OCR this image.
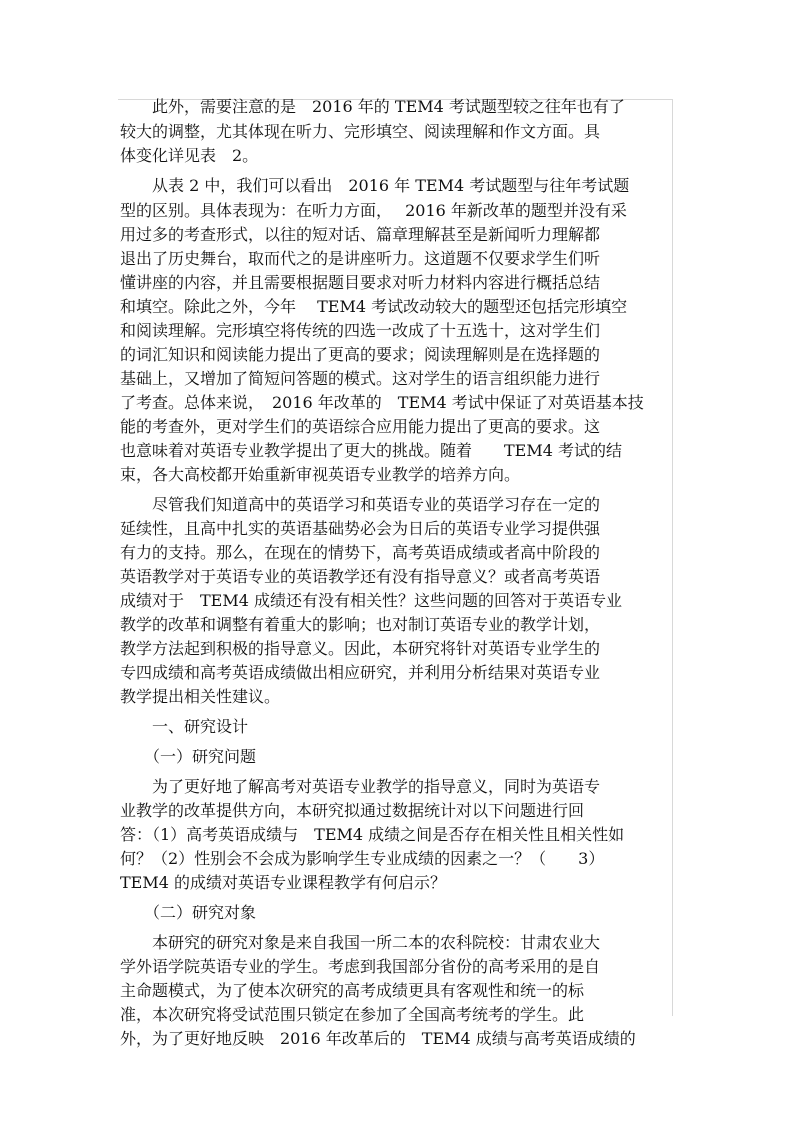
　　此外，需要注意的是　2016 年的 TEM4 考试题型较之往年也有了
较大的调整，尤其体现在听力、完形填空、阅读理解和作文方面。具
体变化详见表　2。
　　从表 2 中，我们可以看出　2016 年 TEM4 考试题型与往年考试题
型的区别。具体表现为：在听力方面，　 2016 年新改革的题型并没有采
用过多的考查形式，以往的短对话、篇章理解甚至是新闻听力理解都
退出了历史舞台，取而代之的是讲座听力。这道题不仅要求学生们听
懂讲座的内容，并且需要根据题目要求对听力材料内容进行概括总结
和填空。除此之外，今年　 TEM4 考试改动较大的题型还包括完形填空
和阅读理解。完形填空将传统的四选一改成了十五选十，这对学生们
的词汇知识和阅读能力提出了更高的要求；阅读理解则是在选择题的
基础上，又增加了简短问答题的模式。这对学生的语言组织能力进行
了考查。总体来说，　2016 年改革的　TEM4 考试中保证了对英语基本技
能的考查外，更对学生们的英语综合应用能力提出了更高的要求。这
也意味着对英语专业教学提出了更大的挑战。随着　　TEM4 考试的结
束，各大高校都开始重新审视英语专业教学的培养方向。
　　尽管我们知道高中的英语学习和英语专业的英语学习存在一定的
延续性，且高中扎实的英语基础势必会为日后的英语专业学习提供强
有力的支持。那么，在现在的情势下，高考英语成绩或者高中阶段的
英语教学对于英语专业的英语教学还有没有指导意义？或者高考英语
成绩对于　TEM4 成绩还有没有相关性？这些问题的回答对于英语专业
教学的改革和调整有着重大的影响；也对制订英语专业的教学计划，
教学方法起到积极的指导意义。因此，本研究将针对英语专业学生的
专四成绩和高考英语成绩做出相应研究，并利用分析结果对英语专业
教学提出相关性建议。
　　一、研究设计
　　（一）研究问题
　　为了更好地了解高考对英语专业教学的指导意义，同时为英语专
业教学的改革提供方向，本研究拟通过数据统计对以下问题进行回
答：（1）高考英语成绩与　TEM4 成绩之间是否存在相关性且相关性如
何？（2）性别会不会成为影响学生专业成绩的因素之一？（　　3）
TEM4 的成绩对英语专业课程教学有何启示？
　　（二）研究对象
　　本研究的研究对象是来自我国一所二本的农科院校：甘肃农业大
学外语学院英语专业的学生。考虑到我国部分省份的高考采用的是自
主命题模式，为了使本次研究的高考成绩更具有客观性和统一的标
准，本次研究将受试范围只锁定在参加了全国高考统考的学生。此
外，为了更好地反映　2016 年改革后的　TEM4 成绩与高考英语成绩的
